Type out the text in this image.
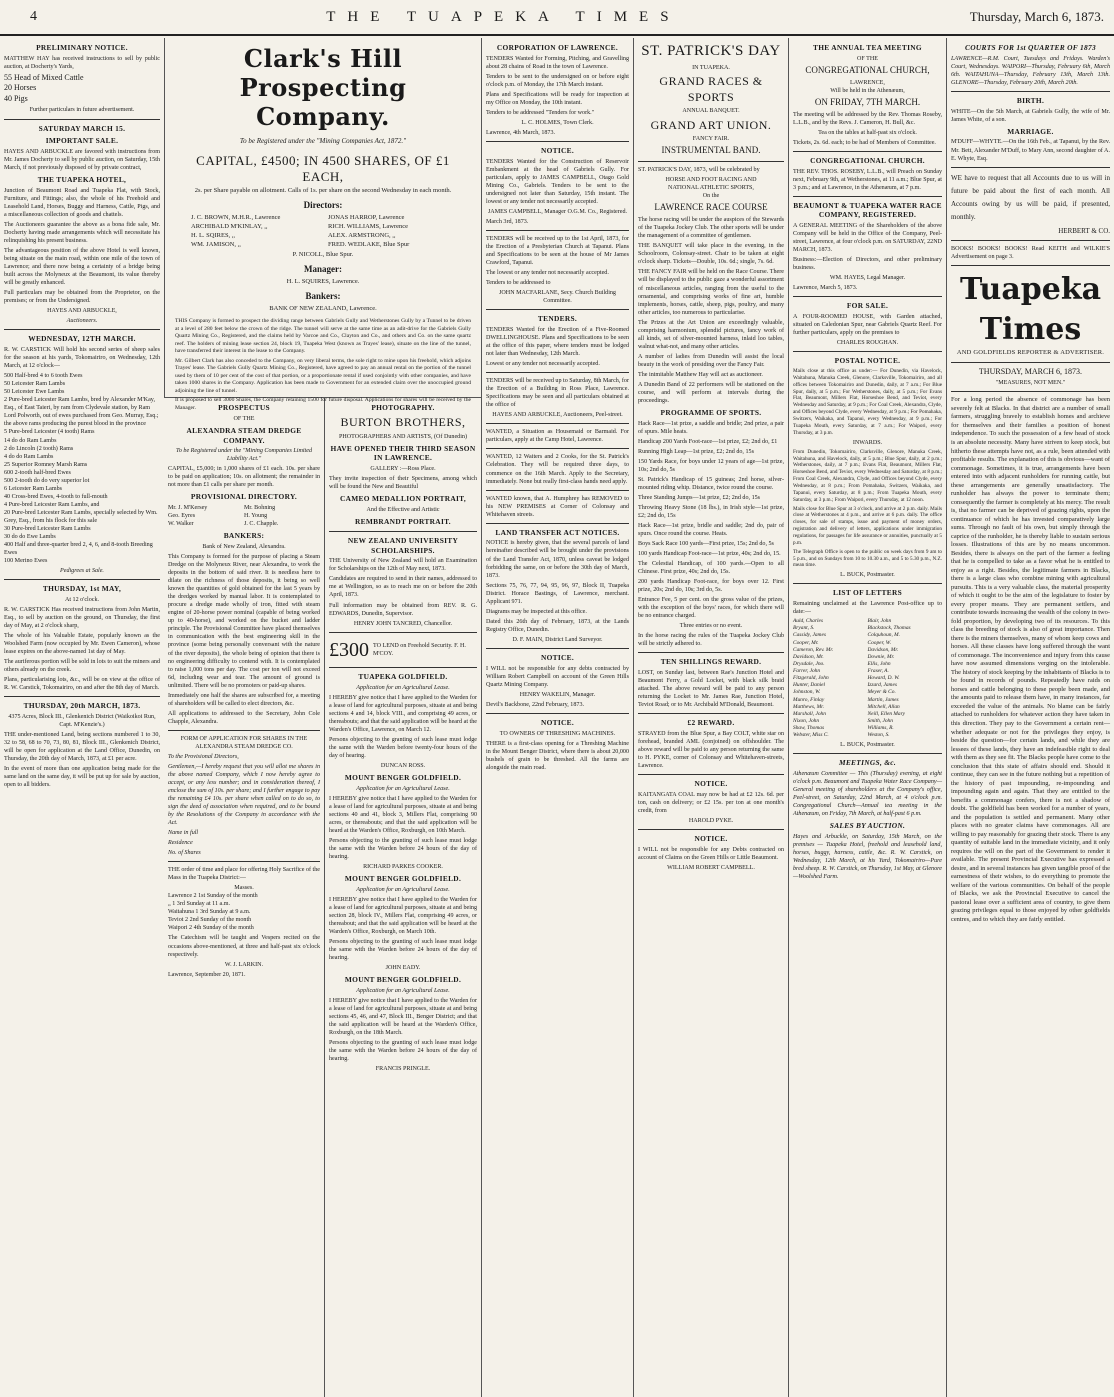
4	THE TUAPEKA TIMES	Thursday, March 6, 1873.
PRELIMINARY NOTICE.

MATTHEW HAY has received instructions to sell by public auction, at Docherty's Yards,

55 Head of Mixed Cattle
20 Horses
40 Pigs

Further particulars in future advertisement.

SATURDAY MARCH 15.
IMPORTANT SALE.

HAYES AND ARBUCKLE are favored with instructions from Mr. James Docherty to sell by public auction, on Saturday, 15th March, if not previously disposed of by private contract,

THE TUAPEKA HOTEL,

Junction of Beaumont Road and Tuapeka Flat, with Stock, Furniture, and Fittings; also, the whole of his Freehold and Leasehold Land, Horses, Buggy and Harness, Cattle, Pigs, and a miscellaneous collection of goods and chattels.

The Auctioneers guarantee the above as a bona fide sale, Mr. Docherty having made arrangements which will necessitate his relinquishing his present business.

The advantageous position of the above Hotel is well known, being situate on the main road, within one mile of the town of Lawrence; and there now being a certainty of a bridge being built across the Molyneux at the Beaumont, its value thereby will be greatly enhanced.

Full particulars may be obtained from the Proprietor, on the premises; or from the Undersigned.

HAYES AND ARBUCKLE,

Auctioneers.

WEDNESDAY, 12TH MARCH.

R. W. CARSTICK Will hold his second series of sheep sales for the season at his yards, Tokomairiro, on Wednesday, 12th March, at 12 o'clock—

500 Half-bred 4 to 6 tooth Ewes
50 Leicester Ram Lambs
50 Leicester Ewe Lambs
2 Pure-bred Leicester Ram Lambs, bred by Alexander M'Kay, Esq., of East Taieri, by ram from Clydevale station, by Ram Lord Polworth, out of ewes purchased from Geo. Murray, Esq.; the above rams producing the purest blood in the province
5 Pure-bred Leicester (4 tooth) Rams
14 do do Ram Lambs
2 do Lincoln (2 tooth) Rams
4 do do Ram Lambs
25 Superior Romney Marsh Rams
600 2-tooth half-bred Ewes
500 2-tooth do do very superior lot
6 Leicester Ram Lambs
40 Cross-bred Ewes, 4-tooth to full-mouth
4 Pure-bred Leicester Ram Lambs, and
20 Pure-bred Leicester Ram Lambs, specially selected by Wm. Grey, Esq., from his flock for this sale
30 Pure-bred Leicester Ram Lambs
30 do do Ewe Lambs
400 Half and three-quarter bred 2, 4, 6, and 8-tooth Breeding Ewes
100 Merino Ewes

Pedigrees at Sale.

THURSDAY, 1st MAY,

At 12 o'clock.

R. W. CARSTICK Has received instructions from John Martin, Esq., to sell by auction on the ground, on Thursday, the first day of May, at 2 o'clock sharp,

The whole of his Valuable Estate, popularly known as the Woolshed Farm (now occupied by Mr. Ewen Cameron), whose lease expires on the above-named 1st day of May.

The auriferous portion will be sold in lots to suit the miners and others already on the creek.

Plans, particularising lots, &c., will be on view at the office of R. W. Carstick, Tokomairiro, on and after the 8th day of March.

THURSDAY, 20th MARCH, 1873.

4375 Acres, Block III., Glenkenich District (Waikoikoi Run, Capt. M'Kenzie's.)

THE under-mentioned Land, being sections numbered 1 to 30, 32 to 58, 68 to 70, 73, 80, 81, Block III., Glenkenich District, will be open for application at the Land Office, Dunedin, on Thursday, the 20th day of March, 1873, at £1 per acre.

In the event of more than one application being made for the same land on the same day, it will be put up for sale by auction, open to all bidders.

Clark's Hill Prospecting Company.
To be Registered under the "Mining Companies Act, 1872."
CAPITAL, £4500; IN 4500 SHARES, OF £1 EACH,
2s. per Share payable on allotment. Calls of 1s. per share on the second Wednesday in each month.
Directors:
J. C. BROWN, M.H.R., Lawrence	JONAS HARROP, Lawrence
ARCHIBALD M'KINLAY, ,,	RICH. WILLIAMS, Lawrence
H. L. SQIRES, ,,	ALEX. ARMSTRONG, ,,
WM. JAMISON, ,,	FRED. WEDLAKE, Blue Spur
P. NICOLL, Blue Spur.
Manager:
H. L. SQUIRES, Lawrence.
Bankers:
BANK OF NEW ZEALAND, Lawrence.

THIS Company is formed to prospect the dividing range between Gabriels Gully and Wetherstones Gully by a Tunnel to be driven at a level of 280 feet below the crown of the ridge. The tunnel will serve at the same time as an adit-drive for the Gabriels Gully Quartz Mining Co., Registered, and the claims held by Varcoe and Co., Clayton and Co., and others and Co. on the same quartz reef. The holders of mining lease section 24, block 19, Tuapeka West (known as Trayes' lease), situate on the line of the tunnel, have transferred their interest in the lease to the Company.

Mr. Gilbert Clark has also conceded to the Company, on very liberal terms, the sole right to mine upon his freehold, which adjoins Trayes' lease. The Gabriels Gully Quartz Mining Co., Registered, have agreed to pay an annual rental on the portion of the tunnel used by them of 10 per cent of the cost of that portion, or a proportionate rental if used conjointly with other companies, and have taken 1000 shares in the Company. Application has been made to Government for an extended claim over the unoccupied ground adjoining the line of tunnel.

It is proposed to sell 3000 Shares, the Company retaining 1500 for future disposal. Applications for shares will be received by the Manager.	PROSPECTUS
OF THE
ALEXANDRA STEAM DREDGE COMPANY.

To be Registered under the "Mining Companies Limited Liability Act."

CAPITAL, £5,000; in 1,000 shares of £1 each. 10s. per share to be paid on application; 10s. on allotment; the remainder in not more than £1 calls per share per month.

PROVISIONAL DIRECTORY.
Mr. J. M'Kersey	Mr. Bohning
Geo. Eyres	H. Young
W. Walker	J. C. Chapple.
BANKERS:
Bank of New Zealand, Alexandra.

This Company is formed for the purpose of placing a Steam Dredge on the Molyneux River, near Alexandra, to work the deposits in the bottom of said river. It is needless here to dilate on the richness of those deposits, it being so well known the quantities of gold obtained for the last 5 years by the dredges worked by manual labor. It is contemplated to procure a dredge made wholly of iron, fitted with steam engine of 20-horse power nominal (capable of being worked up to 40-horse), and worked on the bucket and ladder principle. The Provisional Committee have placed themselves in communication with the best engineering skill in the province (some being personally conversant with the nature of the river deposits), the whole being of opinion that there is no engineering difficulty to contend with. It is contemplated to raise 1,000 tons per day. The cost per ton will not exceed 6d, including wear and tear. The amount of ground is unlimited. There will be no promoters or paid-up shares.

Immediately one half the shares are subscribed for, a meeting of shareholders will be called to elect directors, &c.

All applications to addressed to the Secretary, John Cole Chapple, Alexandra.

FORM OF APPLICATION FOR SHARES IN THE ALEXANDRA STEAM DREDGE CO.

To the Provisional Directors,

Gentlemen,—I hereby request that you will allot me shares in the above named Company, which I now hereby agree to accept, or any less number; and in consideration thereof, I enclose the sum of 10s. per share; and I further engage to pay the remaining £4 10s. per share when called on to do so, to sign the deed of association when required, and to be bound by the Resolutions of the Company in accordance with the Act.

Name in full

Residence

No. of Shares

THE order of time and place for offering Holy Sacrifice of the Mass in the Tuapeka District:—

Masses.
Lawrence 2 1st Sunday of the month
„ 1 3rd Sunday at 11 a.m.
Waitahuna 1 3rd Sunday at 9 a.m.
Teviot 2 2nd Sunday of the month
Waipori 2 4th Sunday of the month

The Catechism will be taught and Vespers recited on the occasions above-mentioned, at three and half-past six o'clock respectively.

W. J. LARKIN.

Lawrence, September 20, 1871.

PHOTOGRAPHY.
BURTON BROTHERS,
PHOTOGRAPHERS AND ARTISTS, (Of Dunedin)
HAVE OPENED THEIR THIRD SEASON IN LAWRENCE.
GALLERY :—Ross Place.

They invite inspection of their Specimens, among which will be found the New and Beautiful

CAMEO MEDALLION PORTRAIT,
And the Effective and Artistic
REMBRANDT PORTRAIT.
NEW ZEALAND UNIVERSITY SCHOLARSHIPS.

THE University of New Zealand will hold an Examination for Scholarships on the 12th of May next, 1873.

Candidates are required to send in their names, addressed to me at Wellington, so as to reach me on or before the 20th April, 1873.

Full information may be obtained from REV. R. G. EDWARDS, Dunedin, Supervisor.

HENRY JOHN TANCRED, Chancellor.

£300 TO LEND on Freehold Security. F. H. M'COY.
TUAPEKA GOLDFIELD.
Application for an Agricultural Lease.

I HEREBY give notice that I have applied to the Warden for a lease of land for agricultural purposes, situate at and being sections 4 and 14, block VIII., and comprising 49 acres, or thereabouts; and that the said application will be heard at the Warden's Office, Lawrence, on March 12.

Persons objecting to the granting of such lease must lodge the same with the Warden before twenty-four hours of the day of hearing.

DUNCAN ROSS.

MOUNT BENGER GOLDFIELD.
Application for an Agricultural Lease.

I HEREBY give notice that I have applied to the Warden for a lease of land for agricultural purposes, situate at and being sections 40 and 41, block 3, Millers Flat, comprising 90 acres, or thereabouts; and that the said application will be heard at the Warden's Office, Roxburgh, on 10th March.

Persons objecting to the granting of such lease must lodge the same with the Warden before 24 hours of the day of hearing.

RICHARD PARKES COOKER.

MOUNT BENGER GOLDFIELD.
Application for an Agricultural Lease.

I HEREBY give notice that I have applied to the Warden for a lease of land for agricultural purposes, situate at and being section 28, block IV., Millers Flat, comprising 49 acres, or thereabout; and that the said application will be heard at the Warden's Office, Roxburgh, on March 10th.

Persons objecting to the granting of such lease must lodge the same with the Warden before 24 hours of the day of hearing.

JOHN EADY.

MOUNT BENGER GOLDFIELD.
Application for an Agricultural Lease.

I HEREBY give notice that I have applied to the Warden for a lease of land for agricultural purposes, situate at and being sections 45, 46, and 47, Block III., Benger District; and that the said application will be heard at the Warden's Office, Roxburgh, on the 18th March.

Persons objecting to the granting of such lease must lodge the same with the Warden before 24 hours of the day of hearing.

FRANCIS PRINGLE.

CORPORATION OF LAWRENCE.

TENDERS Wanted for Forming, Pitching, and Gravelling about 28 chains of Road in the town of Lawrence.

Tenders to be sent to the undersigned on or before eight o'clock p.m. of Monday, the 17th March instant.

Plans and Specifications will be ready for inspection at my Office on Monday, the 10th instant.

Tenders to be addressed "Tenders for work."

L. C. HOLMES, Town Clerk.

Lawrence, 4th March, 1873.

NOTICE.

TENDERS Wanted for the Construction of Reservoir Embankment at the head of Gabriels Gully. For particulars, apply to JAMES CAMPBELL, Otago Gold Mining Co., Gabriels. Tenders to be sent to the undersigned not later than Saturday, 15th instant. The lowest or any tender not necessarily accepted.

JAMES CAMPBELL, Manager O.G.M. Co., Registered.

March 3rd, 1873.

TENDERS will be received up to the 1st April, 1873, for the Erection of a Presbyterian Church at Tapanui. Plans and Specifications to be seen at the house of Mr James Crawford, Tapanui.

The lowest or any tender not necessarily accepted.

Tenders to be addressed to

JOHN MACFARLANE, Secy. Church Building Committee.

TENDERS.

TENDERS Wanted for the Erection of a Five-Roomed DWELLINGHOUSE. Plans and Specifications to be seen at the office of this paper, where tenders must be lodged not later than Wednesday, 12th March.

Lowest or any tender not necessarily accepted.

TENDERS will be received up to Saturday, 8th March, for the Erection of a Building in Ross Place, Lawrence. Specifications may be seen and all particulars obtained at the office of

HAYES AND ARBUCKLE, Auctioneers, Peel-street.

WANTED, a Situation as Housemaid or Barmaid. For particulars, apply at the Camp Hotel, Lawrence.

WANTED, 12 Waiters and 2 Cooks, for the St. Patrick's Celebration. They will be required three days, to commence on the 16th March. Apply to the Secretary, immediately. None but really first-class hands need apply.

WANTED known, that A. Humphrey has REMOVED to his NEW PREMISES at Corner of Colonsay and Whitehaven streets.

LAND TRANSFER ACT NOTICES.

NOTICE is hereby given, that the several parcels of land hereinafter described will be brought under the provisions of the Land Transfer Act, 1870, unless caveat be lodged forbidding the same, on or before the 30th day of March, 1873.

Sections 75, 76, 77, 94, 95, 96, 97, Block II, Tuapeka District. Horace Bastings, of Lawrence, merchant. Applicant 971.

Diagrams may be inspected at this office.

Dated this 26th day of February, 1873, at the Lands Registry Office, Dunedin.

D. F. MAIN, District Land Surveyor.

NOTICE.

I WILL not be responsible for any debts contracted by William Robert Campbell on account of the Green Hills Quartz Mining Company.

HENRY WAKELIN, Manager.

Devil's Backbone, 22nd February, 1873.

NOTICE.
TO OWNERS OF THRESHING MACHINES.

THERE is a first-class opening for a Threshing Machine in the Mount Benger District, where there is about 20,000 bushels of grain to be threshed. All the farms are alongside the main road.

ST. PATRICK'S DAY
IN TUAPEKA.
GRAND RACES & SPORTS
ANNUAL BANQUET.
GRAND ART UNION.
FANCY FAIR.
INSTRUMENTAL BAND.

ST. PATRICK'S DAY, 1873, will be celebrated by

HORSE AND FOOT RACING AND
NATIONAL ATHLETIC SPORTS,
On the
LAWRENCE RACE COURSE

The horse racing will be under the auspices of the Stewards of the Tuapeka Jockey Club. The other sports will be under the management of a committee of gentlemen.

THE BANQUET will take place in the evening, in the Schoolroom, Colonsay-street. Chair to be taken at eight o'clock sharp. Tickets—Double, 10s. 6d.; single, 7s. 6d.

THE FANCY FAIR will be held on the Race Course. There will be displayed to the public gaze a wonderful assortment of miscellaneous articles, ranging from the useful to the ornamental, and comprising works of fine art, humble implements, horses, cattle, sheep, pigs, poultry, and many other articles, too numerous to particularise.

The Prizes at the Art Union are exceedingly valuable, comprising harmonium, splendid pictures, fancy work of all kinds, set of silver-mounted harness, inlaid loo tables, walnut what-not, and many other articles.

A number of ladies from Dunedin will assist the local beauty in the work of presiding over the Fancy Fair.

The inimitable Matthew Hay will act as auctioneer.

A Dunedin Band of 22 performers will be stationed on the course, and will perform at intervals during the proceedings.

PROGRAMME OF SPORTS.

Hack Race—1st prize, a saddle and bridle; 2nd prize, a pair of spurs. Mile heats.

Handicap 200 Yards Foot-race—1st prize, £2; 2nd do, £1

Running High Leap—1st prize, £2; 2nd do, 15s

150 Yards Race, for boys under 12 years of age—1st prize, 10s; 2nd do, 5s

St. Patrick's Handicap of 15 guineas; 2nd horse, silver-mounted riding whip. Distance, twice round the course.

Three Standing Jumps—1st prize, £2; 2nd do, 15s

Throwing Heavy Stone (18 lbs.), in Irish style—1st prize, £2; 2nd do, 15s

Hack Race—1st prize, bridle and saddle; 2nd do, pair of spurs. Once round the course. Heats.

Boys Sack Race 100 yards—First prize, 15s; 2nd do, 5s

100 yards Handicap Foot-race—1st prize, 40s; 2nd do, 15.

The Celestial Handicap, of 100 yards.—Open to all Chinese. First prize, 40s; 2nd do, 15s.

200 yards Handicap Foot-race, for boys over 12. First prize, 20s; 2nd do, 10s; 3rd do, 5s.

Entrance Fee, 5 per cent. on the gross value of the prizes, with the exception of the boys' races, for which there will be no entrance charged.

Three entries or no event.

In the horse racing the rules of the Tuapeka Jockey Club will be strictly adhered to.

TEN SHILLINGS REWARD.

LOST, on Sunday last, between Rae's Junction Hotel and Beaumont Ferry, a Gold Locket, with black silk braid attached. The above reward will be paid to any person returning the Locket to Mr. James Rae, Junction Hotel, Teviot Road; or to Mr. Archibald M'Donald, Beaumont.

£2 REWARD.

STRAYED from the Blue Spur, a Bay COLT, white star on forehead, branded AML (conjoined) on offshoulder. The above reward will be paid to any person returning the same to H. PYKE, corner of Colonsay and Whitehaven-streets, Lawrence.

NOTICE.

KAITANGATA COAL may now be had at £2 12s. 6d. per ton, cash on delivery; or £2 15s. per ton at one month's credit, from

HAROLD PYKE.

NOTICE.

I WILL not be responsible for any Debts contracted on account of Claims on the Green Hills or Little Beaumont.

WILLIAM ROBERT CAMPBELL.

THE ANNUAL TEA MEETING
OF THE
CONGREGATIONAL CHURCH,
LAWRENCE,
Will be held in the Athenæum,
ON FRIDAY, 7TH MARCH.

The meeting will be addressed by the Rev. Thomas Roseby, L.L.B., and by the Revs. J. Cameron, H. Bull, &c.

Tea on the tables at half-past six o'clock.

Tickets, 2s. 6d. each; to be had of Members of Committee.

CONGREGATIONAL CHURCH.

THE REV. THOS. ROSEBY, L.L.B., will Preach on Sunday next, February 9th, at Wetherstones, at 11 a.m.; Blue Spur, at 3 p.m.; and at Lawrence, in the Athenæum, at 7 p.m.

BEAUMONT & TUAPEKA WATER RACE COMPANY, REGISTERED.

A GENERAL MEETING of the Shareholders of the above Company will be held in the Office of the Company, Peel-street, Lawrence, at four o'clock p.m. on SATURDAY, 22ND MARCH, 1873.

Business:—Election of Directors, and other preliminary business.

WM. HAYES, Legal Manager.

Lawrence, March 5, 1873.

FOR SALE.

A FOUR-ROOMED HOUSE, with Garden attached, situated on Caledonian Spur, near Gabriels Quartz Reef. For further particulars, apply on the premises to

CHARLES ROUGHAN.

POSTAL NOTICE.

Mails close at this office as under:— For Dunedin, via Havelock, Waitahuna, Manuka Creek, Glenore, Clarksville, Tokomairiro, and all offices between Tokomairiro and Dunedin, daily, at 7 a.m.; For Blue Spur, daily, at 5 p.m.; For Wetherstones, daily, at 5 p.m.; For Evans Flat, Beaumont, Millers Flat, Horseshoe Bend, and Teviot, every Wednesday and Saturday, at 9 p.m.; For Coal Creek, Alexandra, Clyde, and Offices beyond Clyde, every Wednesday, at 9 p.m.; For Pomahaka, Switzers, Waikaka, and Tapanui, every Wednesday, at 9 p.m.; For Tuapeka Mouth, every Saturday, at 7 a.m.; For Waipori, every Thursday, at 3 p.m.

INWARDS.

From Dunedin, Tokomairiro, Clarksville, Glenore, Manuka Creek, Waitahuna, and Havelock, daily, at 5 p.m.; Blue Spur, daily, at 2 p.m.; Wetherstones, daily, at 7 p.m.; Evans Flat, Beaumont, Millers Flat, Horseshoe Bend, and Teviot, every Wednesday and Saturday, at 8 p.m.; From Coal Creek, Alexandra, Clyde, and Offices beyond Clyde, every Wednesday, at 8 p.m.; From Pomahaka, Switzers, Waikaka, and Tapanui, every Saturday, at 8 p.m.; From Tuapeka Mouth, every Saturday, at 3 p.m.; From Waipori, every Thursday, at 12 noon.

Mails close for Blue Spur at 3 o'clock, and arrive at 2 p.m. daily. Mails close at Wetherstones at 4 p.m., and arrive at 6 p.m. daily. The office closes, for sale of stamps, issue and payment of money orders, registration and delivery of letters, applications under immigration regulations, for passages for life assurance or annuities, punctually at 5 p.m.

The Telegraph Office is open to the public on week days from 9 am to 5 p.m., and on Sundays from 10 to 10.30 a.m., and 5 to 5.30 p.m., N.Z. mean time.

L. BUCK, Postmaster.

LIST OF LETTERS

Remaining unclaimed at the Lawrence Post-office up to date:—

Auld, Charles	Blair, John
Bryant, S.	Blackstock, Thomas
Cassidy, James	Colquhoun, M.
Cooper, Mr.	Cooper, W.
Cameron, Rev. Mr.	Davidson, Mr.
Davidson, Mr.	Downie, Mr.
Drysdale, Jno.	Ellis, John
Farrer, John	Fraser, A.
Fitzgerald, John	Howard, D. W.
Hunter, Daniel	Izzard, James
Johnston, W.	Meyer & Co.
Munro, Finlay	Martin, James
Matthews, Mr.	Mitchell, Allan
Marshall, John	Neill, Ellen Mary
Nixon, John	Smith, John
Shaw, Thomas	Williams, R.
Webster, Miss C.	Weston, S.

L. BUCK, Postmaster.

MEETINGS, &c.

Athenæum Committee — This (Thursday) evening, at eight o'clock p.m. Beaumont and Tuapeka Water Race Company—General meeting of shareholders at the Company's office, Peel-street, on Saturday, 22nd March, at 4 o'clock p.m. Congregational Church—Annual tea meeting in the Athenæum, on Friday, 7th March, at half-past 6 p.m.

SALES BY AUCTION.

Hayes and Arbuckle, on Saturday, 15th March, on the premises — Tuapeka Hotel, freehold and leasehold land, horses, buggy, harness, cattle, &c. R. W. Carstick, on Wednesday, 12th March, at his Yard, Tokomairiro—Pure bred sheep. R. W. Carstick, on Thursday, 1st May, at Glenore—Woolshed Farm.

COURTS FOR 1st QUARTER OF 1873

LAWRENCE—R.M. Court, Tuesdays and Fridays. Warden's Court, Wednesdays. WAIPORI—Thursday, February 6th, March 6th. WAITAHUNA—Thursday, February 13th, March 13th. GLENORE—Thursday, February 20th, March 20th.

BIRTH.

WHITE—On the 5th March, at Gabriels Gully, the wife of Mr. James White, of a son.

MARRIAGE.

M'DUFF—WHYTE.—On the 16th Feb., at Tapanui, by the Rev. Mr. Bett, Alexander M'Duff, to Mary Ann, second daughter of A. E. Whyte, Esq.

WE have to request that all Accounts due to us will in future be paid about the first of each month. All Accounts owing by us will be paid, if presented, monthly.

HERBERT & CO.

BOOKS! BOOKS! BOOKS! Read KEITH and WILKIE'S Advertisement on page 3.

Tuapeka Times
AND GOLDFIELDS REPORTER & ADVERTISER.
THURSDAY, MARCH 6, 1873.
"MEASURES, NOT MEN."

For a long period the absence of commonage has been severely felt at Blacks. In that district are a number of small farmers, struggling bravely to establish homes and archieve for themselves and their families a position of honest independence. To such the possession of a few head of stock is an absolute necessity. Many have striven to keep stock, but hitherto these attempts have not, as a rule, been attended with profitable results. The explanation of this is obvious—want of commonage. Sometimes, it is true, arrangements have been entered into with adjacent runholders for running cattle, but these arrangements are generally unsatisfactory. The runholder has always the power to terminate them; consequently the farmer is completely at his mercy. The result is, that no farmer can be deprived of grazing rights, upon the continuance of which he has invested comparatively large sums. Through no fault of his own, but simply through the caprice of the runholder, he is thereby liable to sustain serious losses. Illustrations of this are by no means uncommon. Besides, there is always on the part of the farmer a feeling that he is compelled to take as a favor what he is entitled to enjoy as a right. Besides, the legitimate farmers in Blacks, there is a large class who combine mining with agricultural pursuits. This is a very valuable class, the material prosperity of which it ought to be the aim of the legislature to foster by every proper means. They are permanent settlers, and contribute towards increasing the wealth of the colony in two-fold proportion, by developing two of its resources. To this class the breeding of stock is also of great importance. Then there is the miners themselves, many of whom keep cows and horses. All these classes have long suffered through the want of commonage. The inconvenience and injury from this cause have now assumed dimensions verging on the intolerable. The history of stock keeping by the inhabitants of Blacks is to be found in records of pounds. Repeatedly have raids on horses and cattle belonging to these people been made, and the amounts paid to release them have, in many instances, far exceeded the value of the animals. No blame can be fairly attached to runholders for whatever action they have taken in this direction. They pay to the Government a certain rent—whether adequate or not for the privileges they enjoy, is beside the question—for certain lands, and while they are lessees of these lands, they have an indefeasible right to deal with them as they see fit. The Blacks people have come to the conclusion that this state of affairs should end. Should it continue, they can see in the future nothing but a repetition of the history of past impounding, re-impounding and impounding again and again. That they are entitled to the benefits a commonage confers, there is not a shadow of doubt. The goldfield has been worked for a number of years, and the population is settled and permanent. Many other places with no greater claims have commonages. All are willing to pay reasonably for grazing their stock. There is any quantity of suitable land in the immediate vicinity, and it only requires the will on the part of the Government to render it available. The present Provincial Executive has expressed a desire, and in several instances has given tangible proof of the earnestness of their wishes, to do everything to promote the welfare of the various communities. On behalf of the people of Blacks, we ask the Provincial Executive to cancel the pastoral lease over a sufficient area of country, to give them grazing privileges equal to those enjoyed by other goldfields centres, and to which they are fairly entitled.
